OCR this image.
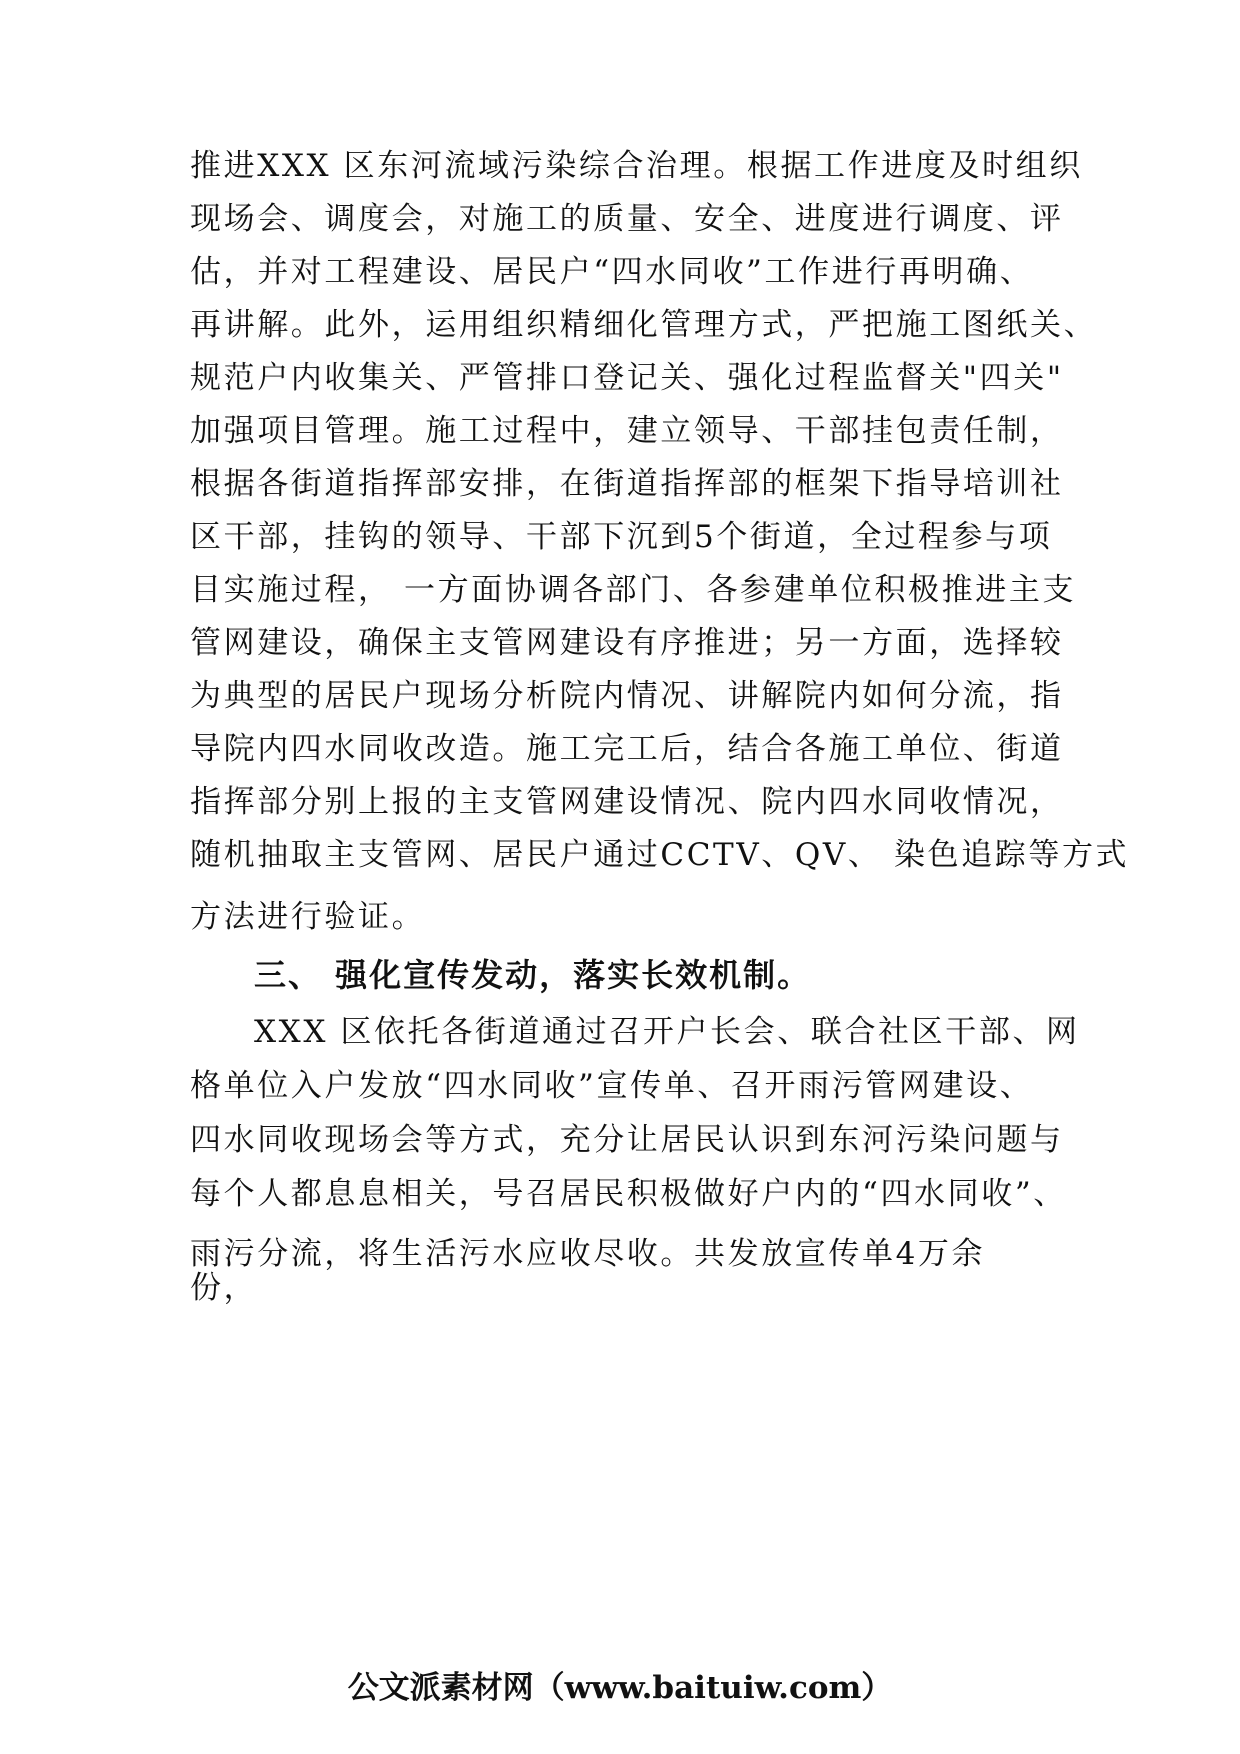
推进XXX 区东河流域污染综合治理。根据工作进度及时组织
现场会、调度会，对施工的质量、安全、进度进行调度、评
估，并对工程建设、居民户“四水同收”工作进行再明确、
再讲解。此外，运用组织精细化管理方式，严把施工图纸关、
规范户内收集关、严管排口登记关、强化过程监督关"四关"
加强项目管理。施工过程中，建立领导、干部挂包责任制，
根据各街道指挥部安排，在街道指挥部的框架下指导培训社
区干部，挂钩的领导、干部下沉到5个街道，全过程参与项
目实施过程， 一方面协调各部门、各参建单位积极推进主支
管网建设，确保主支管网建设有序推进；另一方面，选择较
为典型的居民户现场分析院内情况、讲解院内如何分流，指
导院内四水同收改造。施工完工后，结合各施工单位、街道
指挥部分别上报的主支管网建设情况、院内四水同收情况，
随机抽取主支管网、居民户通过CCTV、QV、 染色追踪等方式
方法进行验证。
三、 强化宣传发动，落实长效机制。
XXX 区依托各街道通过召开户长会、联合社区干部、网
格单位入户发放“四水同收”宣传单、召开雨污管网建设、
四水同收现场会等方式，充分让居民认识到东河污染问题与
每个人都息息相关，号召居民积极做好户内的“四水同收”、
雨污分流，将生活污水应收尽收。共发放宣传单4万余
份，
公文派素材网（www.baituiw.com）
